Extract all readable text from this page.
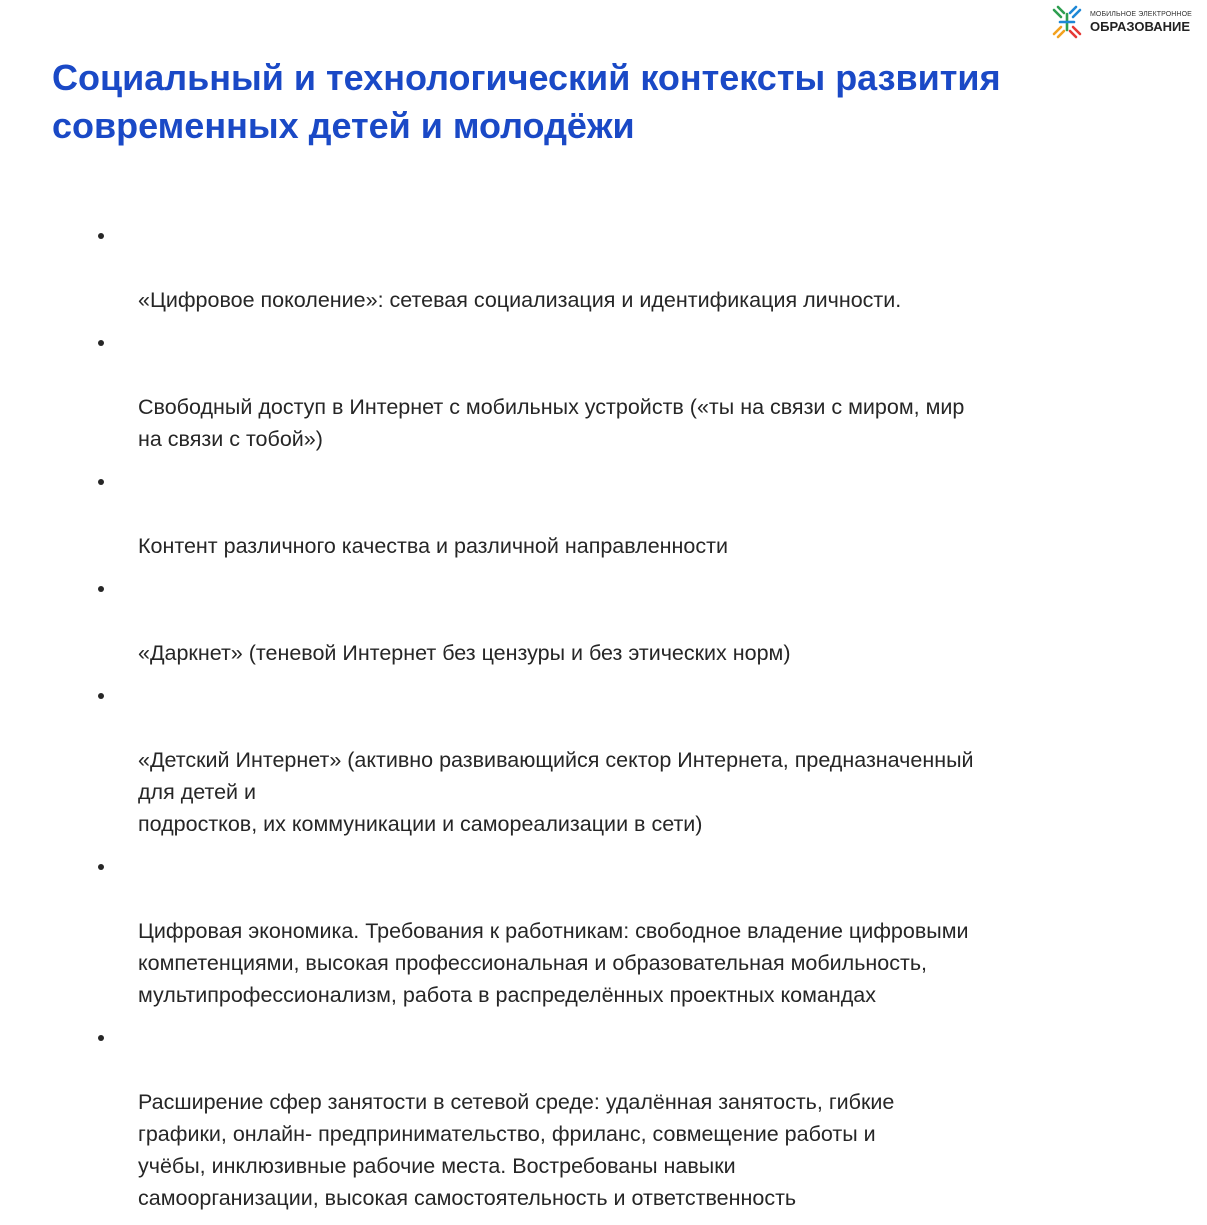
МОБИЛЬНОЕ ЭЛЕКТРОННОЕ
ОБРАЗОВАНИЕ
Социальный и технологический контексты развития современных детей и молодёжи

«Цифровое поколение»: сетевая социализация и идентификация личности.

Свободный доступ в Интернет с мобильных устройств («ты на связи с миром, мир
на связи с тобой»)

Контент различного качества и различной направленности

«Даркнет» (теневой Интернет без цензуры и без этических норм)

«Детский Интернет» (активно развивающийся сектор Интернета, предназначенный
для детей и
подростков, их коммуникации и самореализации в сети)

Цифровая экономика. Требования к работникам: свободное владение цифровыми
компетенциями, высокая профессиональная и образовательная мобильность,
мультипрофессионализм, работа в распределённых проектных командах

Расширение сфер занятости в сетевой среде: удалённая занятость, гибкие
графики, онлайн- предпринимательство, фриланс, совмещение работы и
учёбы, инклюзивные рабочие места. Востребованы навыки
самоорганизации, высокая самостоятельность и ответственность
